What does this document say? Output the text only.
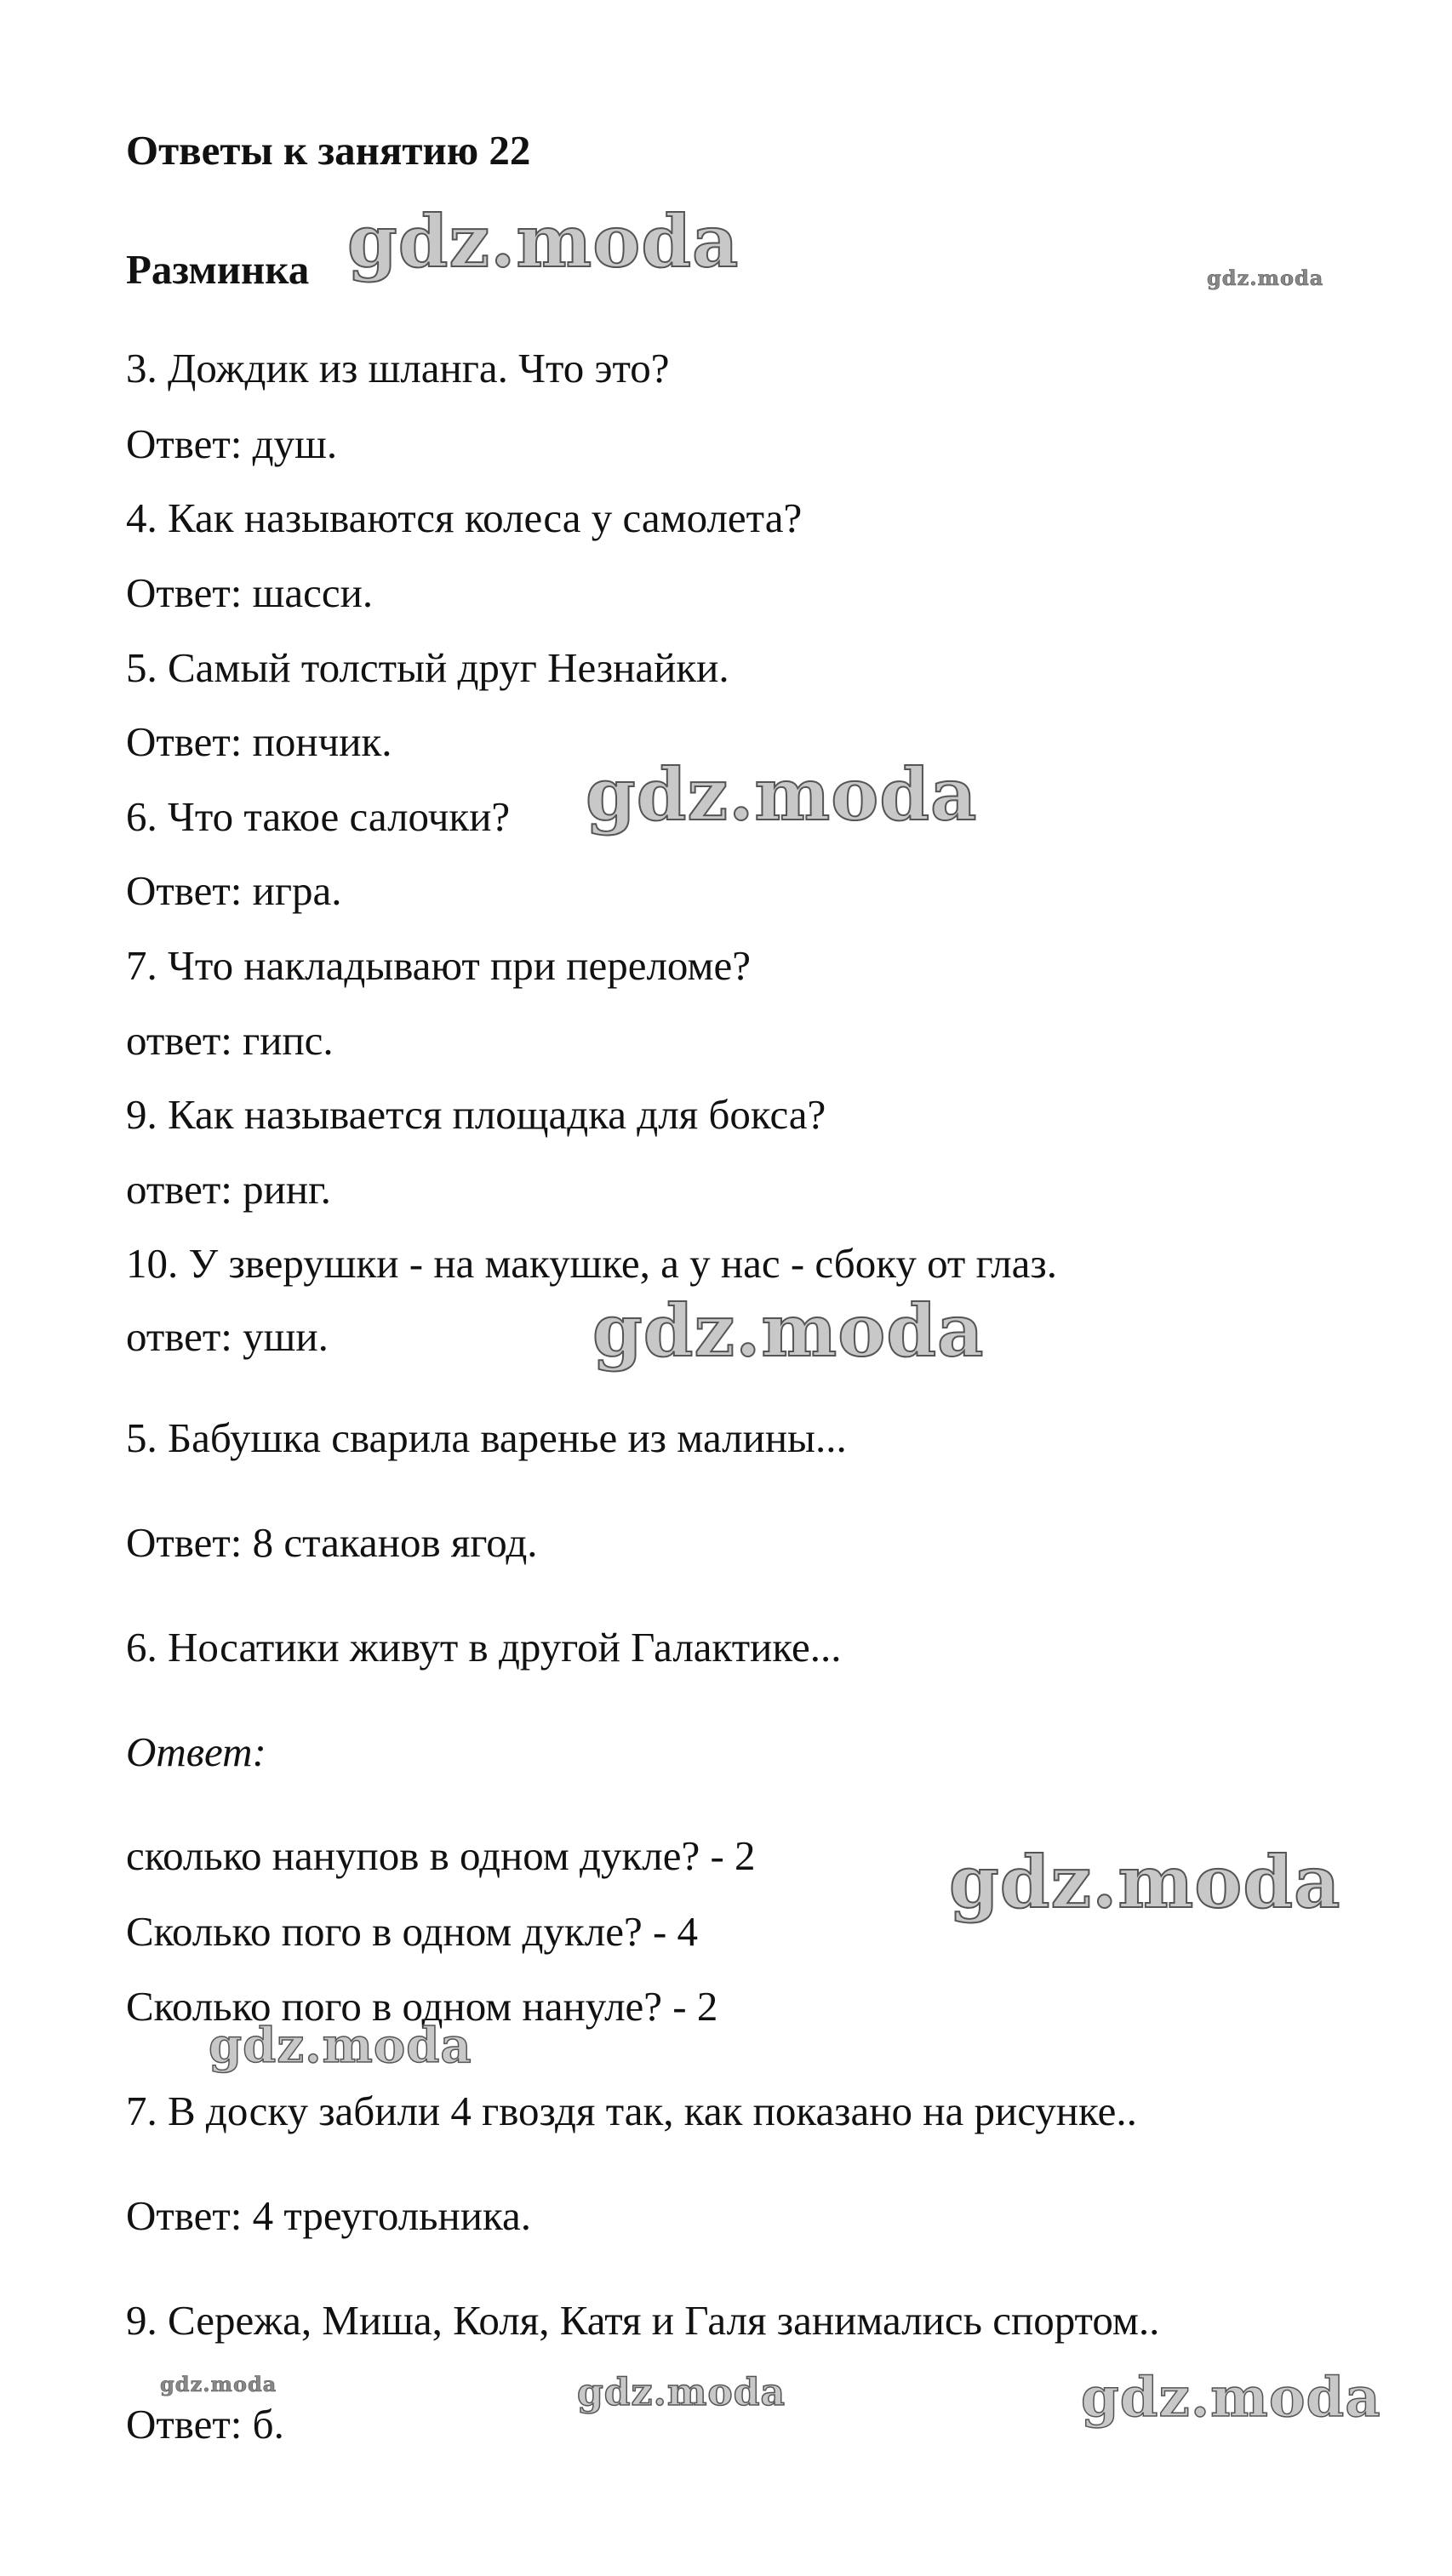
Ответы к занятию 22
Разминка
3. Дождик из шланга. Что это?
Ответ: душ.
4. Как называются колеса у самолета?
Ответ: шасси.
5. Самый толстый друг Незнайки.
Ответ: пончик.
6. Что такое салочки?
Ответ: игра.
7. Что накладывают при переломе?
ответ: гипс.
9. Как называется площадка для бокса?
ответ: ринг.
10. У зверушки - на макушке, а у нас - сбоку от глаз.
ответ: уши.
5. Бабушка сварила варенье из малины...
Ответ: 8 стаканов ягод.
6. Носатики живут в другой Галактике...
Ответ:
сколько нанупов в одном дукле? - 2
Сколько пого в одном дукле? - 4
Сколько пого в одном нануле? - 2
7. В доску забили 4 гвоздя так, как показано на рисунке..
Ответ: 4 треугольника.
9. Сережа, Миша, Коля, Катя и Галя занимались спортом..
Ответ: б.
gdz.moda	gdz.moda
gdz.moda
gdz.moda
gdz.moda
gdz.moda
gdz.moda	gdz.moda	gdz.moda
